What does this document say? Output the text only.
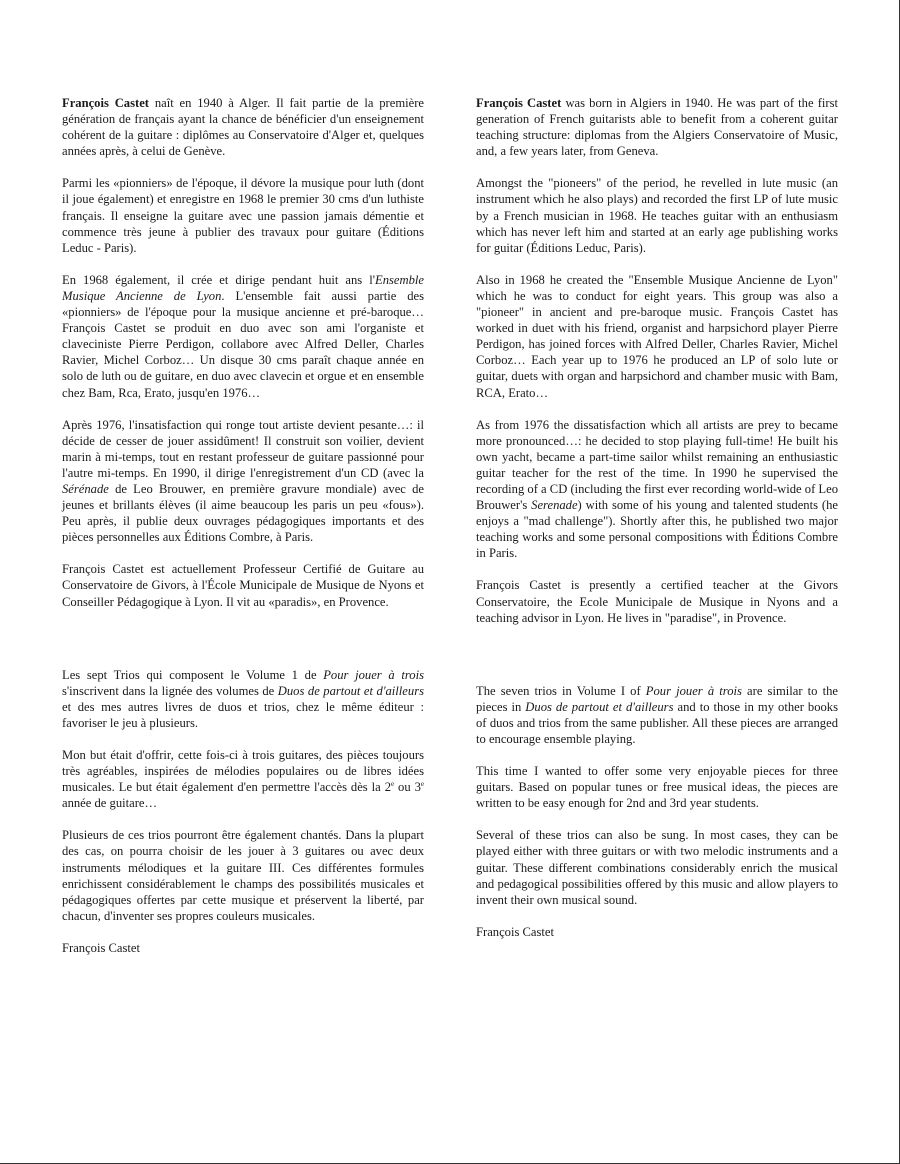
François Castet naît en 1940 à Alger. Il fait partie de la première génération de français ayant la chance de bénéficier d'un enseignement cohérent de la guitare : diplômes au Conservatoire d'Alger et, quelques années après, à celui de Genève.

Parmi les «pionniers» de l'époque, il dévore la musique pour luth (dont il joue également) et enregistre en 1968 le premier 30 cms d'un luthiste français. Il enseigne la guitare avec une passion jamais démentie et commence très jeune à publier des travaux pour guitare (Éditions Leduc - Paris).

En 1968 également, il crée et dirige pendant huit ans l'Ensemble Musique Ancienne de Lyon. L'ensemble fait aussi partie des «pionniers» de l'époque pour la musique ancienne et pré-baroque… François Castet se produit en duo avec son ami l'organiste et claveciniste Pierre Perdigon, collabore avec Alfred Deller, Charles Ravier, Michel Corboz… Un disque 30 cms paraît chaque année en solo de luth ou de guitare, en duo avec clavecin et orgue et en ensemble chez Bam, Rca, Erato, jusqu'en 1976…

Après 1976, l'insatisfaction qui ronge tout artiste devient pesante…: il décide de cesser de jouer assidûment! Il construit son voilier, devient marin à mi-temps, tout en restant professeur de guitare passionné pour l'autre mi-temps. En 1990, il dirige l'enregistrement d'un CD (avec la Sérénade de Leo Brouwer, en première gravure mondiale) avec de jeunes et brillants élèves (il aime beaucoup les paris un peu «fous»). Peu après, il publie deux ouvrages pédagogiques importants et des pièces personnelles aux Éditions Combre, à Paris.

François Castet est actuellement Professeur Certifié de Guitare au Conservatoire de Givors, à l'École Municipale de Musique de Nyons et Conseiller Pédagogique à Lyon. Il vit au «paradis», en Provence.

Les sept Trios qui composent le Volume 1 de Pour jouer à trois s'inscrivent dans la lignée des volumes de Duos de partout et d'ailleurs et des mes autres livres de duos et trios, chez le même éditeur : favoriser le jeu à plusieurs.

Mon but était d'offrir, cette fois-ci à trois guitares, des pièces toujours très agréables, inspirées de mélodies populaires ou de libres idées musicales. Le but était également d'en permettre l'accès dès la 2e ou 3e année de guitare…

Plusieurs de ces trios pourront être également chantés. Dans la plupart des cas, on pourra choisir de les jouer à 3 guitares ou avec deux instruments mélodiques et la guitare III. Ces différentes formules enrichissent considérablement le champs des possibilités musicales et pédagogiques offertes par cette musique et préservent la liberté, par chacun, d'inventer ses propres couleurs musicales.

François Castet

François Castet was born in Algiers in 1940. He was part of the first generation of French guitarists able to benefit from a coherent guitar teaching structure: diplomas from the Algiers Conservatoire of Music, and, a few years later, from Geneva.

Amongst the "pioneers" of the period, he revelled in lute music (an instrument which he also plays) and recorded the first LP of lute music by a French musician in 1968. He teaches guitar with an enthusiasm which has never left him and started at an early age publishing works for guitar (Éditions Leduc, Paris).

Also in 1968 he created the "Ensemble Musique Ancienne de Lyon" which he was to conduct for eight years. This group was also a "pioneer" in ancient and pre-baroque music. François Castet has worked in duet with his friend, organist and harpsichord player Pierre Perdigon, has joined forces with Alfred Deller, Charles Ravier, Michel Corboz… Each year up to 1976 he produced an LP of solo lute or guitar, duets with organ and harpsichord and chamber music with Bam, RCA, Erato…

As from 1976 the dissatisfaction which all artists are prey to became more pronounced…: he decided to stop playing full-time! He built his own yacht, became a part-time sailor whilst remaining an enthusiastic guitar teacher for the rest of the time. In 1990 he supervised the recording of a CD (including the first ever recording world-wide of Leo Brouwer's Serenade) with some of his young and talented students (he enjoys a "mad challenge"). Shortly after this, he published two major teaching works and some personal compositions with Éditions Combre in Paris.

François Castet is presently a certified teacher at the Givors Conservatoire, the Ecole Municipale de Musique in Nyons and a teaching advisor in Lyon. He lives in "paradise", in Provence.

The seven trios in Volume I of Pour jouer à trois are similar to the pieces in Duos de partout et d'ailleurs and to those in my other books of duos and trios from the same publisher. All these pieces are arranged to encourage ensemble playing.

This time I wanted to offer some very enjoyable pieces for three guitars. Based on popular tunes or free musical ideas, the pieces are written to be easy enough for 2nd and 3rd year students.

Several of these trios can also be sung. In most cases, they can be played either with three guitars or with two melodic instruments and a guitar. These different combinations considerably enrich the musical and pedagogical possibilities offered by this music and allow players to invent their own musical sound.

François Castet
